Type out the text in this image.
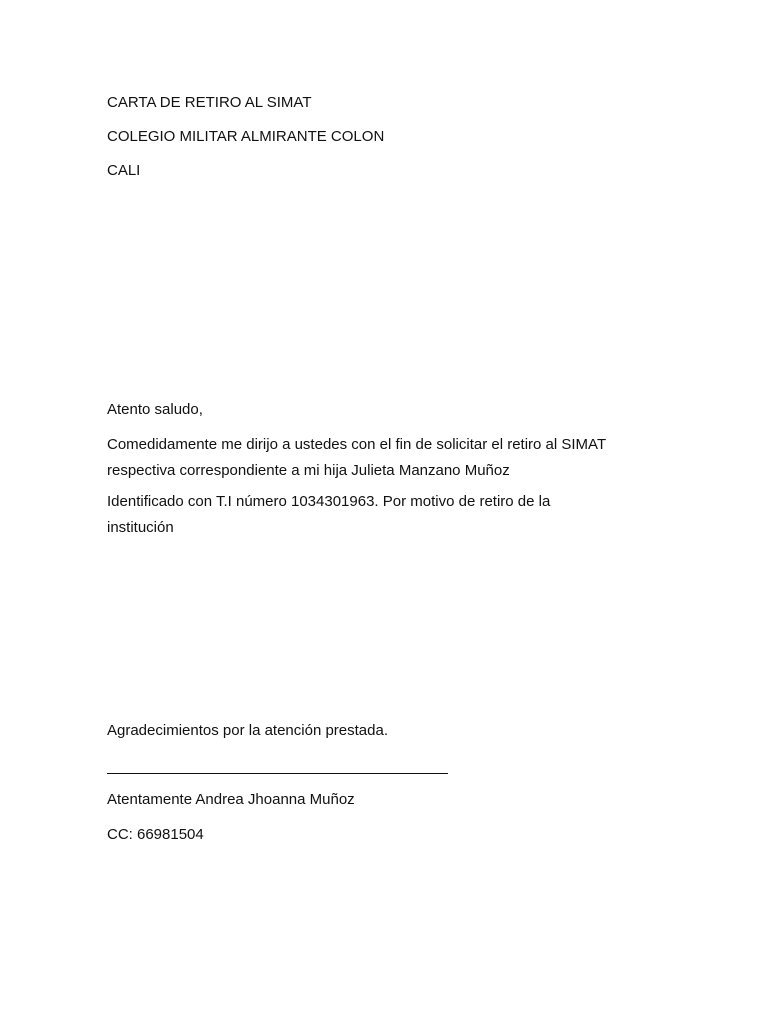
CARTA DE RETIRO AL SIMAT
COLEGIO MILITAR ALMIRANTE COLON
CALI
Atento saludo,
Comedidamente me dirijo a ustedes con el fin de solicitar el retiro al SIMAT
respectiva correspondiente a mi hija Julieta Manzano Muñoz
Identificado con T.I número 1034301963. Por motivo de retiro de la
institución
Agradecimientos por la atención prestada.
Atentamente Andrea Jhoanna Muñoz
CC: 66981504
